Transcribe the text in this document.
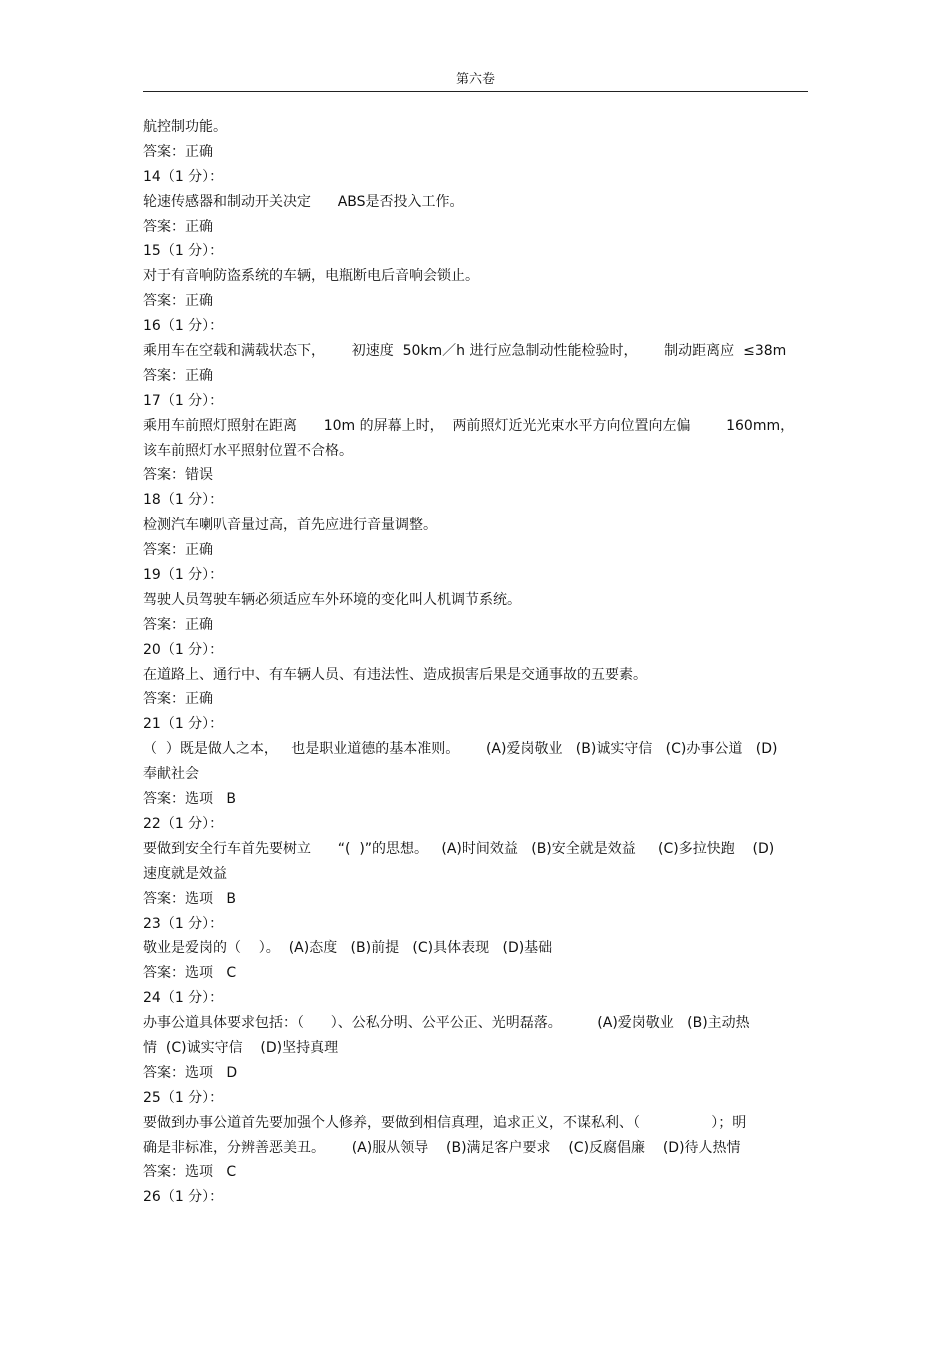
第六卷
航控制功能。
答案：正确
14（1 分）：
轮速传感器和制动开关决定      ABS是否投入工作。
答案：正确
15（1 分）：
对于有音响防盗系统的车辆，电瓶断电后音响会锁止。
答案：正确
16（1 分）：
乘用车在空载和满载状态下，      初速度  50km／h 进行应急制动性能检验时，      制动距离应  ≤38m
答案：正确
17（1 分）：
乘用车前照灯照射在距离      10m 的屏幕上时，  两前照灯近光光束水平方向位置向左偏        160mm，
该车前照灯水平照射位置不合格。
答案：错误
18（1 分）：
检测汽车喇叭音量过高，首先应进行音量调整。
答案：正确
19（1 分）：
驾驶人员驾驶车辆必须适应车外环境的变化叫人机调节系统。
答案：正确
20（1 分）：
在道路上、通行中、有车辆人员、有违法性、造成损害后果是交通事故的五要素。
答案：正确
21（1 分）：
（  ）既是做人之本，   也是职业道德的基本准则。      (A)爱岗敬业   (B)诚实守信   (C)办事公道   (D)
奉献社会
答案：选项   B
22（1 分）：
要做到安全行车首先要树立      “(  )”的思想。   (A)时间效益   (B)安全就是效益     (C)多拉快跑    (D)
速度就是效益
答案：选项   B
23（1 分）：
敬业是爱岗的（    ）。  (A)态度   (B)前提   (C)具体表现   (D)基础
答案：选项   C
24（1 分）：
办事公道具体要求包括：（      ）、公私分明、公平公正、光明磊落。        (A)爱岗敬业   (B)主动热
情  (C)诚实守信    (D)坚持真理
答案：选项   D
25（1 分）：
要做到办事公道首先要加强个人修养，要做到相信真理，追求正义，不谋私利、（                ）；明
确是非标准，分辨善恶美丑。      (A)服从领导    (B)满足客户要求    (C)反腐倡廉    (D)待人热情
答案：选项   C
26（1 分）：
